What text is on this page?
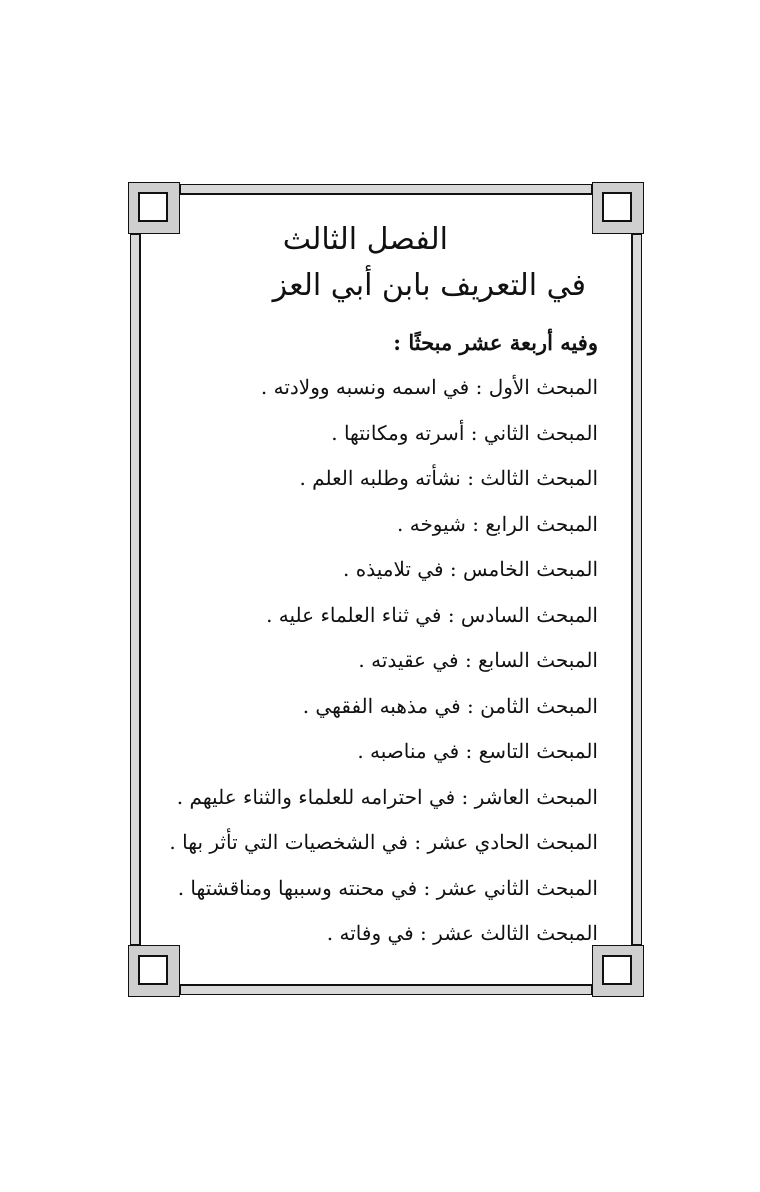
الفصل الثالث
في التعريف بابن أبي العز

وفيه أربعة عشر مبحثًا :

المبحث الأول : في اسمه ونسبه وولادته .
المبحث الثاني : أسرته ومكانتها .
المبحث الثالث : نشأته وطلبه العلم .
المبحث الرابع : شيوخه .
المبحث الخامس : في تلاميذه .
المبحث السادس : في ثناء العلماء عليه .
المبحث السابع : في عقيدته .
المبحث الثامن : في مذهبه الفقهي .
المبحث التاسع : في مناصبه .
المبحث العاشر : في احترامه للعلماء والثناء عليهم .
المبحث الحادي عشر : في الشخصيات التي تأثر بها .
المبحث الثاني عشر : في محنته وسببها ومناقشتها .
المبحث الثالث عشر : في وفاته .
